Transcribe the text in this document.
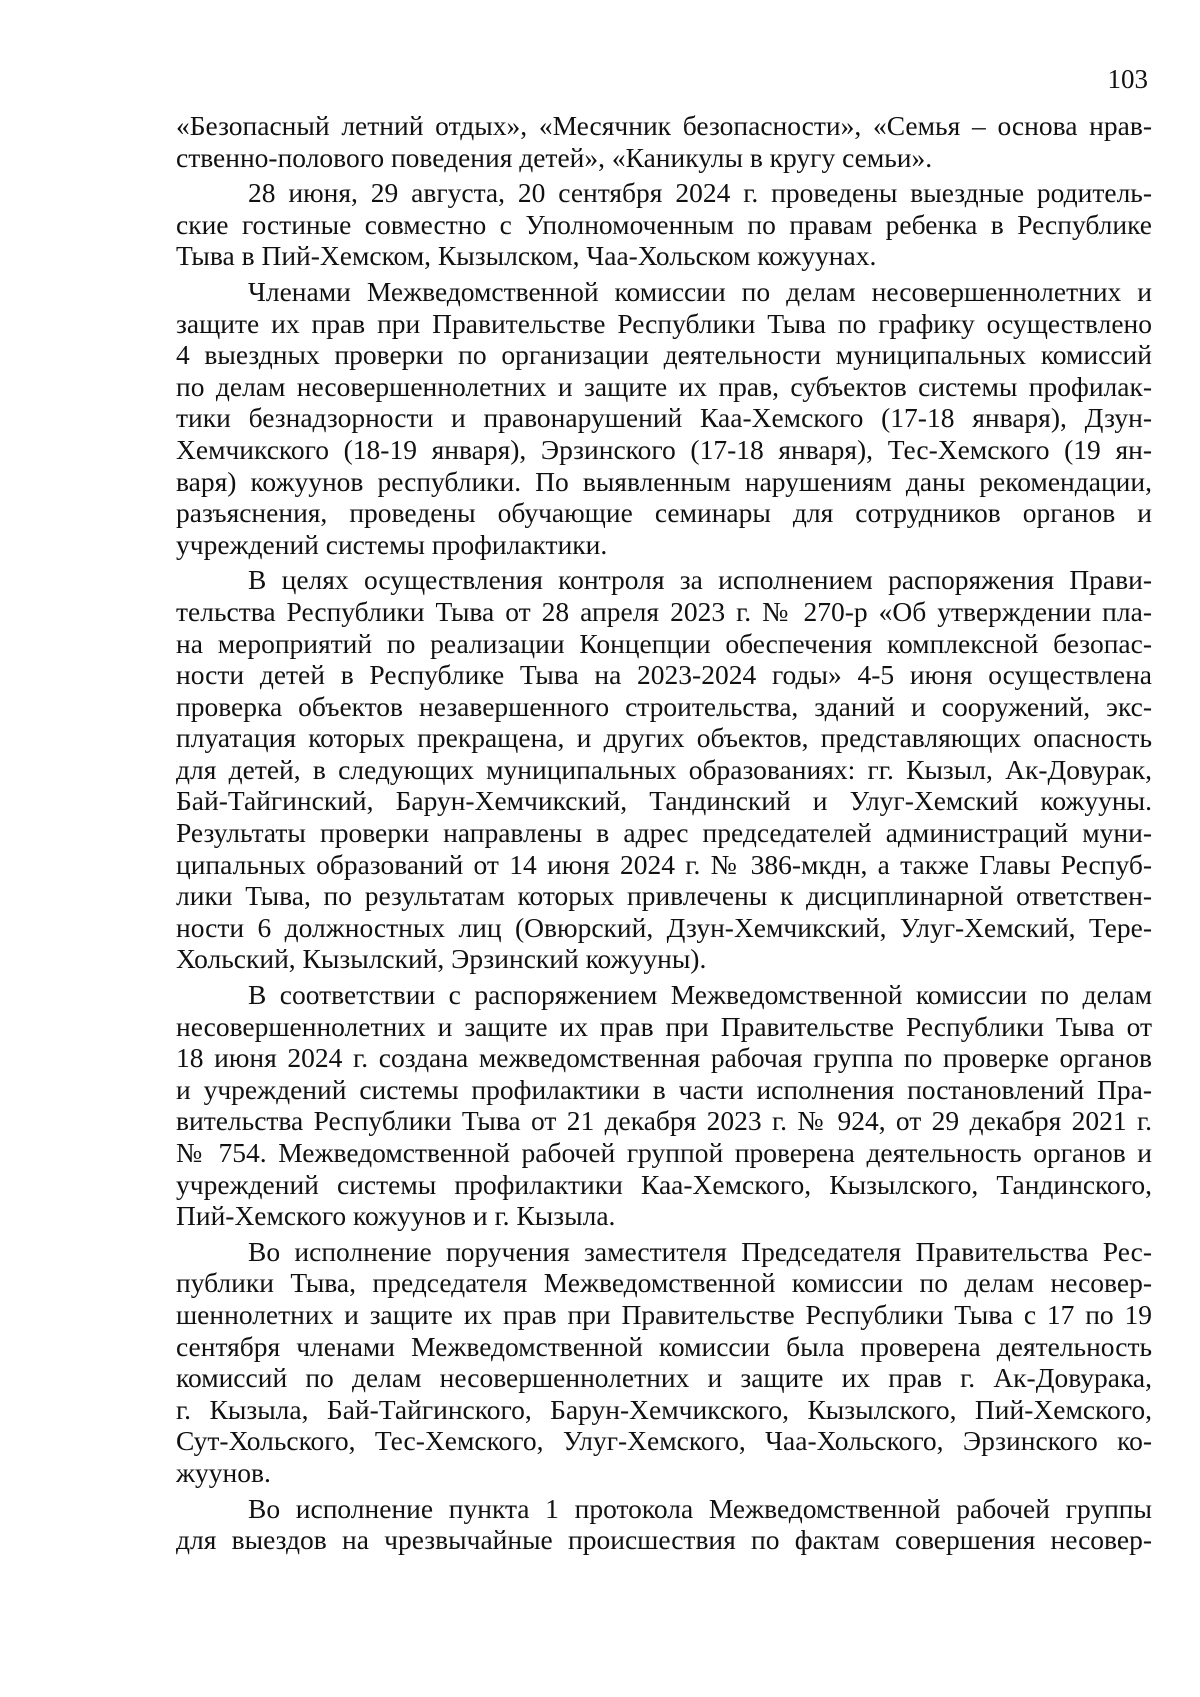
103
«Безопасный летний отдых», «Месячник безопасности», «Семья – основа нрав-
ственно-полового поведения детей», «Каникулы в кругу семьи».
28 июня, 29 августа, 20 сентября 2024 г. проведены выездные родитель-
ские гостиные совместно с Уполномоченным по правам ребенка в Республике
Тыва в Пий-Хемском, Кызылском, Чаа-Хольском кожуунах.
Членами Межведомственной комиссии по делам несовершеннолетних и
защите их прав при Правительстве Республики Тыва по графику осуществлено
4 выездных проверки по организации деятельности муниципальных комиссий
по делам несовершеннолетних и защите их прав, субъектов системы профилак-
тики безнадзорности и правонарушений Каа-Хемского (17-18 января), Дзун-
Хемчикского (18-19 января), Эрзинского (17-18 января), Тес-Хемского (19 ян-
варя) кожуунов республики. По выявленным нарушениям даны рекомендации,
разъяснения, проведены обучающие семинары для сотрудников органов и
учреждений системы профилактики.
В целях осуществления контроля за исполнением распоряжения Прави-
тельства Республики Тыва от 28 апреля 2023 г. № 270-р «Об утверждении пла-
на мероприятий по реализации Концепции обеспечения комплексной безопас-
ности детей в Республике Тыва на 2023-2024 годы» 4-5 июня осуществлена
проверка объектов незавершенного строительства, зданий и сооружений, экс-
плуатация которых прекращена, и других объектов, представляющих опасность
для детей, в следующих муниципальных образованиях: гг. Кызыл, Ак-Довурак,
Бай-Тайгинский, Барун-Хемчикский, Тандинский и Улуг-Хемский кожууны.
Результаты проверки направлены в адрес председателей администраций муни-
ципальных образований от 14 июня 2024 г. № 386-мкдн, а также Главы Респуб-
лики Тыва, по результатам которых привлечены к дисциплинарной ответствен-
ности 6 должностных лиц (Овюрский, Дзун-Хемчикский, Улуг-Хемский, Тере-
Хольский, Кызылский, Эрзинский кожууны).
В соответствии с распоряжением Межведомственной комиссии по делам
несовершеннолетних и защите их прав при Правительстве Республики Тыва от
18 июня 2024 г. создана межведомственная рабочая группа по проверке органов
и учреждений системы профилактики в части исполнения постановлений Пра-
вительства Республики Тыва от 21 декабря 2023 г. № 924, от 29 декабря 2021 г.
№ 754. Межведомственной рабочей группой проверена деятельность органов и
учреждений системы профилактики Каа-Хемского, Кызылского, Тандинского,
Пий-Хемского кожуунов и г. Кызыла.
Во исполнение поручения заместителя Председателя Правительства Рес-
публики Тыва, председателя Межведомственной комиссии по делам несовер-
шеннолетних и защите их прав при Правительстве Республики Тыва с 17 по 19
сентября членами Межведомственной комиссии была проверена деятельность
комиссий по делам несовершеннолетних и защите их прав г. Ак-Довурака,
г. Кызыла, Бай-Тайгинского, Барун-Хемчикского, Кызылского, Пий-Хемского,
Сут-Хольского, Тес-Хемского, Улуг-Хемского, Чаа-Хольского, Эрзинского ко-
жуунов.
Во исполнение пункта 1 протокола Межведомственной рабочей группы
для выездов на чрезвычайные происшествия по фактам совершения несовер-
